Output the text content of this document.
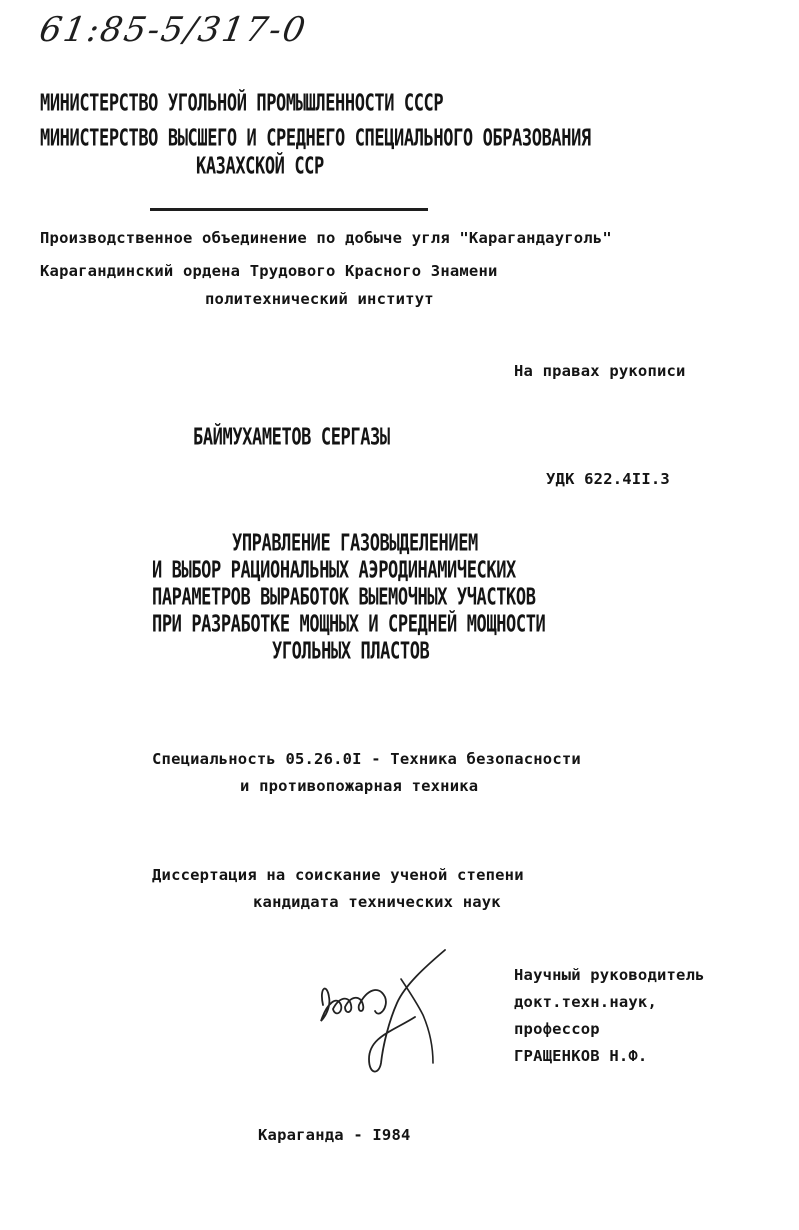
61:85-5/317-0
МИНИСТЕРСТВО УГОЛЬНОЙ ПРОМЫШЛЕННОСТИ СССР
МИНИСТЕРСТВО ВЫСШЕГО И СРЕДНЕГО СПЕЦИАЛЬНОГО ОБРАЗОВАНИЯ
КАЗАХСКОЙ ССР
Производственное объединение по добыче угля "Карагандауголь"
Карагандинский ордена Трудового Красного Знамени
политехнический институт
На правах рукописи
БАЙМУХАМЕТОВ СЕРГАЗЫ
УДК 622.4II.3
УПРАВЛЕНИЕ ГАЗОВЫДЕЛЕНИЕМ
И ВЫБОР РАЦИОНАЛЬНЫХ АЭРОДИНАМИЧЕСКИХ
ПАРАМЕТРОВ ВЫРАБОТОК ВЫЕМОЧНЫХ УЧАСТКОВ
ПРИ РАЗРАБОТКЕ МОЩНЫХ И СРЕДНЕЙ МОЩНОСТИ
УГОЛЬНЫХ ПЛАСТОВ
Специальность 05.26.0I - Техника безопасности
и противопожарная техника
Диссертация на соискание ученой степени
кандидата технических наук
Научный руководитель
докт.техн.наук,
профессор
ГРАЩЕНКОВ Н.Ф.
Караганда - I984
